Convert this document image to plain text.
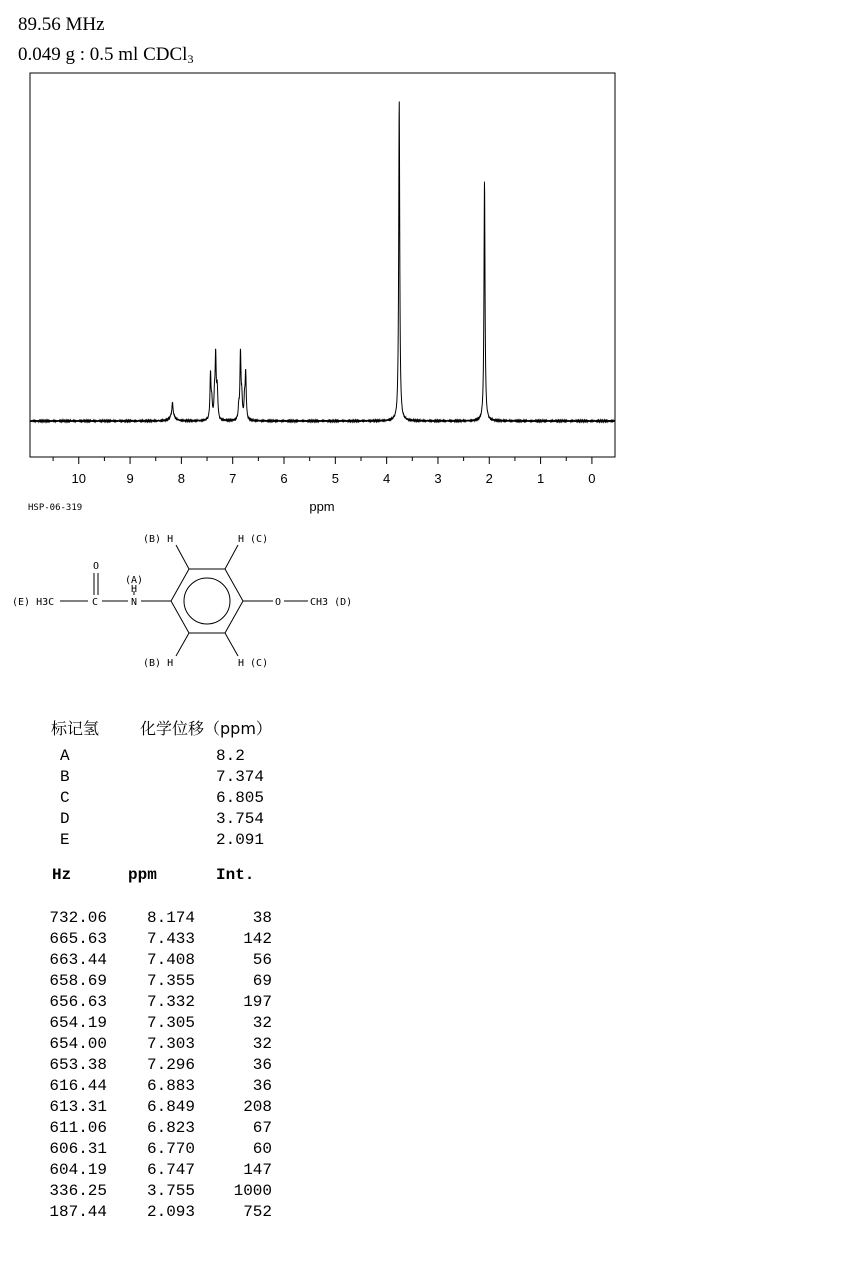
89.56 MHz
0.049 g : 0.5 ml CDCl$_3$
10	9	8	7	6	5	4	3	2	1	0
ppm
HSP-06-319
(E) H3C
O
C
(A)
H
N
(B) H	H (C)
(B) H	H (C)
O	CH3 (D)
标记氢	化学位移（ppm）
A	8.2
B	7.374
C	6.805
D	3.754
E	2.091
Hz	ppm	Int.
732.06 8.174	38
665.63 7.433	142
663.44 7.408	56
658.69 7.355	69
656.63 7.332	197
654.19 7.305	32
654.00 7.303	32
653.38 7.296	36
616.44 6.883	36
613.31 6.849	208
611.06 6.823	67
606.31 6.770	60
604.19 6.747	147
336.25 3.755 1000
187.44 2.093	752
